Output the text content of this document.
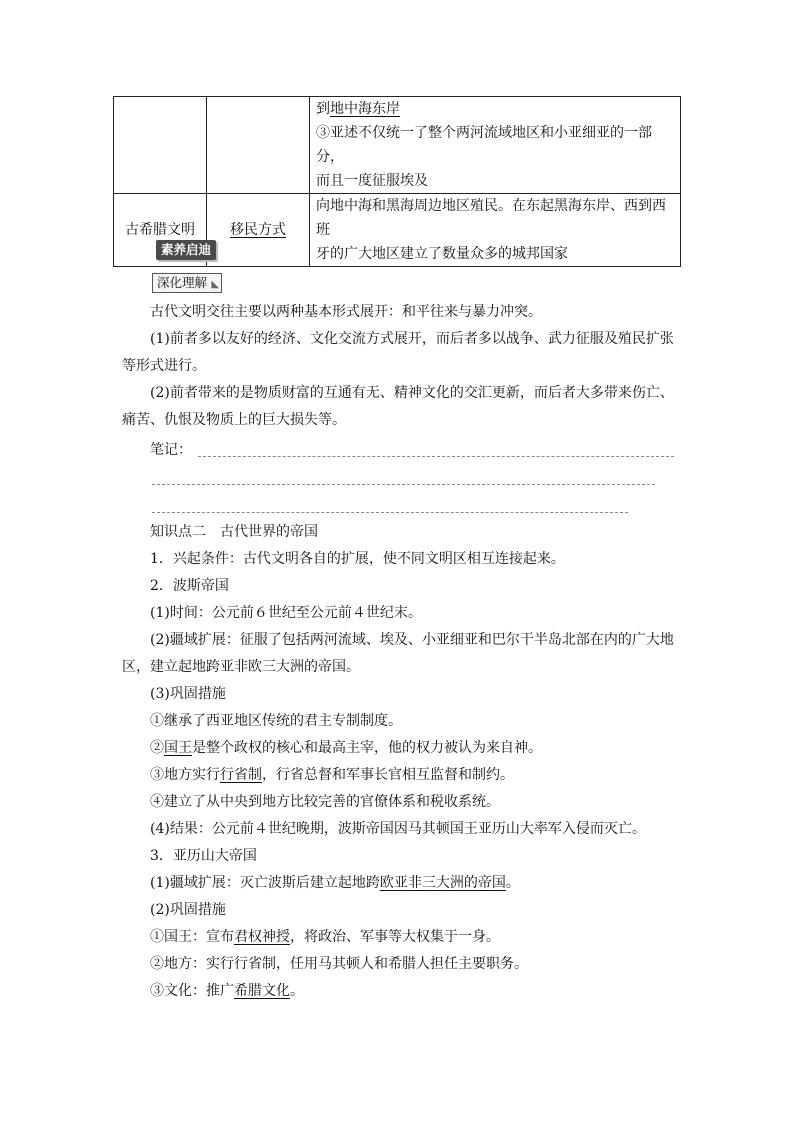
		到地中海东岸
③亚述不仅统一了整个两河流域地区和小亚细亚的一部分，
而且一度征服埃及

古希腊文明	移民方式	向地中海和黑海周边地区殖民。在东起黑海东岸、西到西班
牙的广大地区建立了数量众多的城邦国家
素养启迪
深化理解 ◣
古代文明交往主要以两种基本形式展开：和平往来与暴力冲突。
(1)前者多以友好的经济、文化交流方式展开，而后者多以战争、武力征服及殖民扩张
等形式进行。
(2)前者带来的是物质财富的互通有无、精神文化的交汇更新，而后者大多带来伤亡、
痛苦、仇恨及物质上的巨大损失等。
笔记：
知识点二　古代世界的帝国
1．兴起条件：古代文明各自的扩展，使不同文明区相互连接起来。
2．波斯帝国
(1)时间：公元前６世纪至公元前４世纪末。
(2)疆域扩展：征服了包括两河流域、埃及、小亚细亚和巴尔干半岛北部在内的广大地
区，建立起地跨亚非欧三大洲的帝国。
(3)巩固措施
①继承了西亚地区传统的君主专制制度。
②国王是整个政权的核心和最高主宰，他的权力被认为来自神。
③地方实行行省制，行省总督和军事长官相互监督和制约。
④建立了从中央到地方比较完善的官僚体系和税收系统。
(4)结果：公元前４世纪晚期，波斯帝国因马其顿国王亚历山大率军入侵而灭亡。
3．亚历山大帝国
(1)疆域扩展：灭亡波斯后建立起地跨欧亚非三大洲的帝国。
(2)巩固措施
①国王：宣布君权神授，将政治、军事等大权集于一身。
②地方：实行行省制，任用马其顿人和希腊人担任主要职务。
③文化：推广希腊文化。
